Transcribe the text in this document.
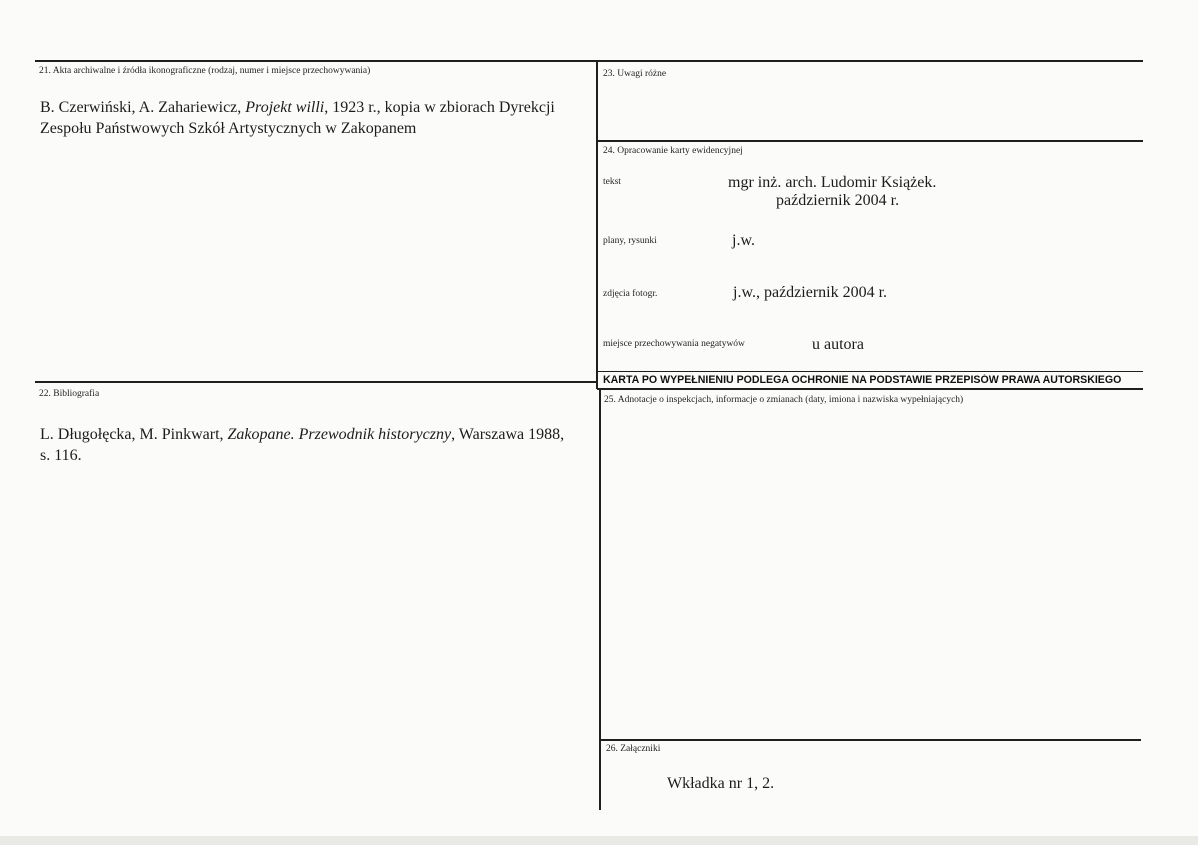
21. Akta archiwalne i źródła ikonograficzne (rodzaj, numer i miejsce przechowywania)
B. Czerwiński, A. Zahariewicz, Projekt willi, 1923 r., kopia w zbiorach Dyrekcji Zespołu Państwowych Szkół Artystycznych w Zakopanem
22. Bibliografia
L. Długołęcka, M. Pinkwart, Zakopane. Przewodnik historyczny, Warszawa 1988, s. 116.
23. Uwagi różne
24. Opracowanie karty ewidencyjnej
tekst	mgr inż. arch. Ludomir Książek.
październik 2004 r.
plany, rysunki	j.w.
zdjęcia fotogr.	j.w., październik 2004 r.
miejsce przechowywania negatywów	u autora
KARTA PO WYPEŁNIENIU PODLEGA OCHRONIE NA PODSTAWIE PRZEPISÓW PRAWA AUTORSKIEGO
25. Adnotacje o inspekcjach, informacje o zmianach (daty, imiona i nazwiska wypełniających)
26. Załączniki
Wkładka nr 1, 2.
